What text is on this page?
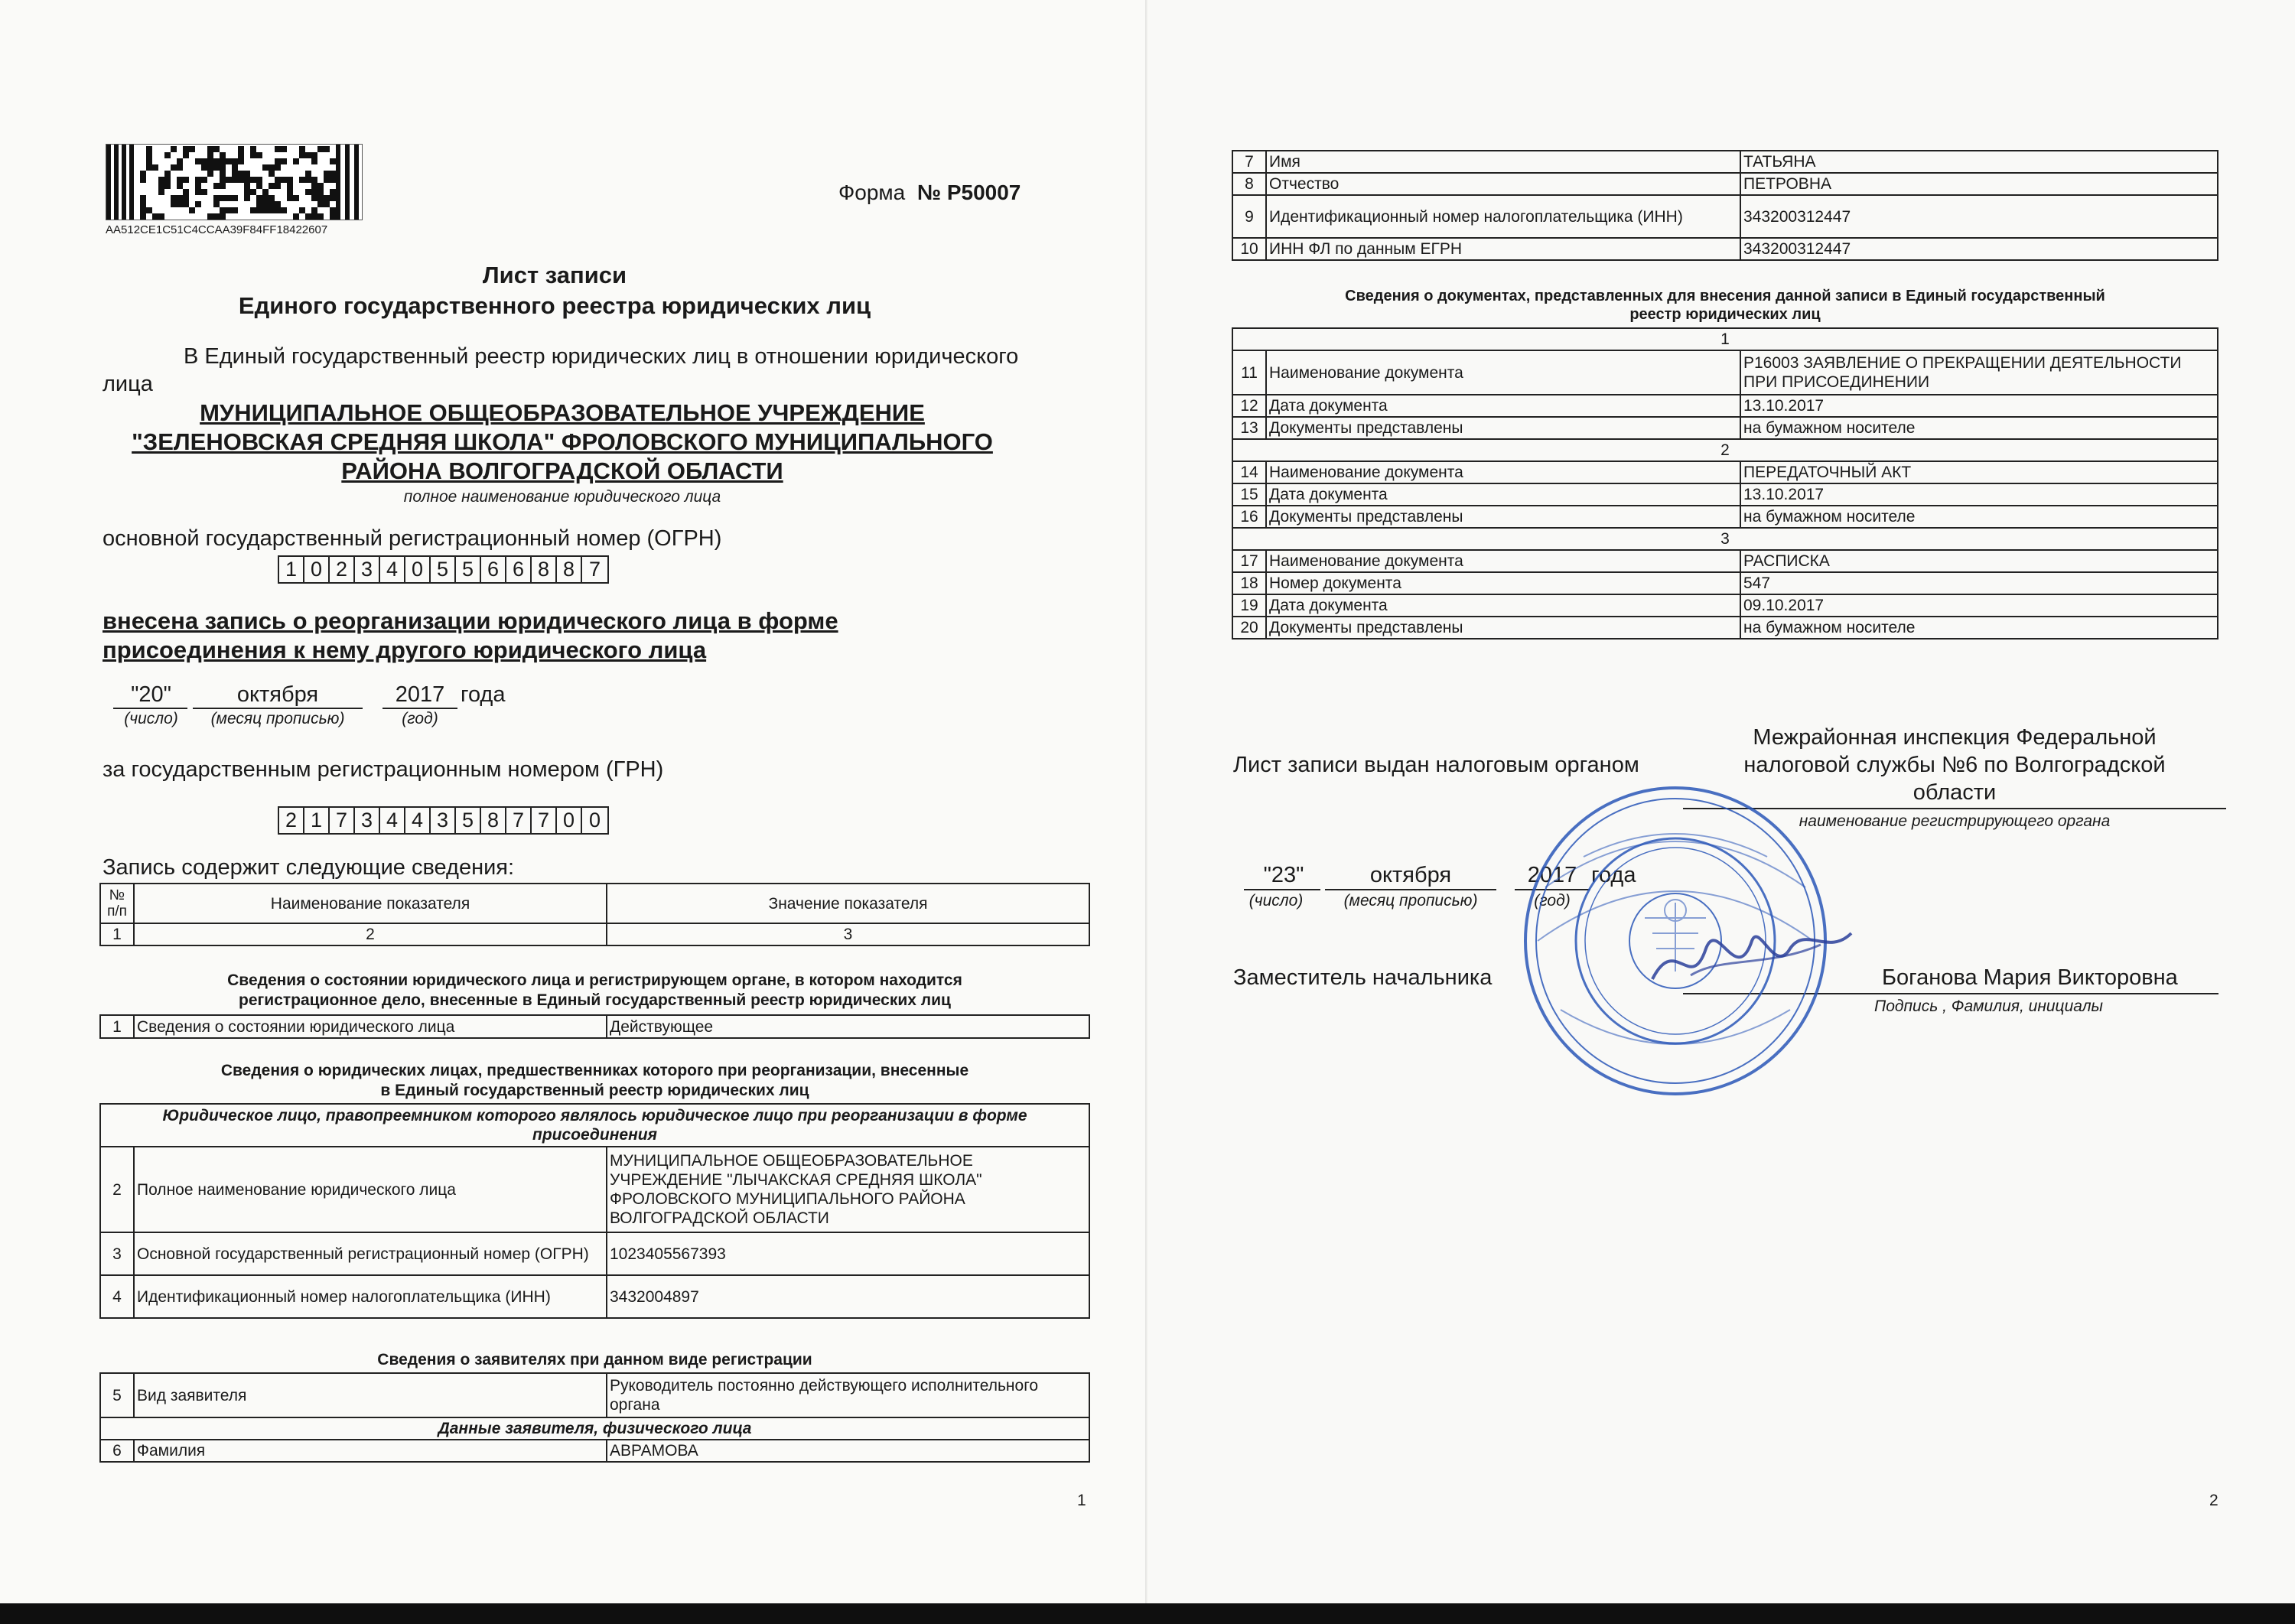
AA512CE1C51C4CCAA39F84FF18422607
Форма № Р50007
Лист записи
Единого государственного реестра юридических лиц
В Единый государственный реестр юридических лиц в отношении юридического
лица
МУНИЦИПАЛЬНОЕ ОБЩЕОБРАЗОВАТЕЛЬНОЕ УЧРЕЖДЕНИЕ
"ЗЕЛЕНОВСКАЯ СРЕДНЯЯ ШКОЛА" ФРОЛОВСКОГО МУНИЦИПАЛЬНОГО
РАЙОНА ВОЛГОГРАДСКОЙ ОБЛАСТИ
полное наименование юридического лица
основной государственный регистрационный номер (ОГРН)
1 0 2 3 4 0 5 5 6 6 8 8 7
внесена запись о реорганизации юридического лица в форме
присоединения к нему другого юридического лица
"20"	октября	2017 года
(число)	(месяц прописью)	(год)
за государственным регистрационным номером (ГРН)
2 1 7 3 4 4 3 5 8 7 7 0 0
Запись содержит следующие сведения:
№ п/п	Наименование показателя	Значение показателя
1	2	3
Сведения о состоянии юридического лица и регистрирующем органе, в котором находится
регистрационное дело, внесенные в Единый государственный реестр юридических лиц
1	Сведения о состоянии юридического лица	Действующее
Сведения о юридических лицах, предшественниках которого при реорганизации, внесенные
в Единый государственный реестр юридических лиц
Юридическое лицо, правопреемником которого являлось юридическое лицо при реорганизации в форме присоединения		
2	Полное наименование юридического лица	МУНИЦИПАЛЬНОЕ ОБЩЕОБРАЗОВАТЕЛЬНОЕ УЧРЕЖДЕНИЕ "ЛЫЧАКСКАЯ СРЕДНЯЯ ШКОЛА" ФРОЛОВСКОГО МУНИЦИПАЛЬНОГО РАЙОНА ВОЛГОГРАДСКОЙ ОБЛАСТИ
3	Основной государственный регистрационный номер (ОГРН)	1023405567393
4	Идентификационный номер налогоплательщика (ИНН)	3432004897
Сведения о заявителях при данном виде регистрации
5	Вид заявителя	Руководитель постоянно действующего исполнительного органа
Данные заявителя, физического лица		
6	Фамилия	АВРАМОВА
1
7	Имя	ТАТЬЯНА
8	Отчество	ПЕТРОВНА
9	Идентификационный номер налогоплательщика (ИНН)	343200312447
10	ИНН ФЛ по данным ЕГРН	343200312447
Сведения о документах, представленных для внесения данной записи в Единый государственный
реестр юридических лиц
1		
11	Наименование документа	Р16003 ЗАЯВЛЕНИЕ О ПРЕКРАЩЕНИИ ДЕЯТЕЛЬНОСТИ ПРИ ПРИСОЕДИНЕНИИ
12	Дата документа	13.10.2017
13	Документы представлены	на бумажном носителе
2		
14	Наименование документа	ПЕРЕДАТОЧНЫЙ АКТ
15	Дата документа	13.10.2017
16	Документы представлены	на бумажном носителе
3		
17	Наименование документа	РАСПИСКА
18	Номер документа	547
19	Дата документа	09.10.2017
20	Документы представлены	на бумажном носителе
Лист записи выдан налоговым органом
Межрайонная инспекция Федеральной
налоговой службы №6 по Волгоградской
области
наименование регистрирующего органа
"23"	октября	2017 года
(число)	(месяц прописью)	(год)
Заместитель начальника	Боганова Мария Викторовна
Подпись , Фамилия, инициалы
2
